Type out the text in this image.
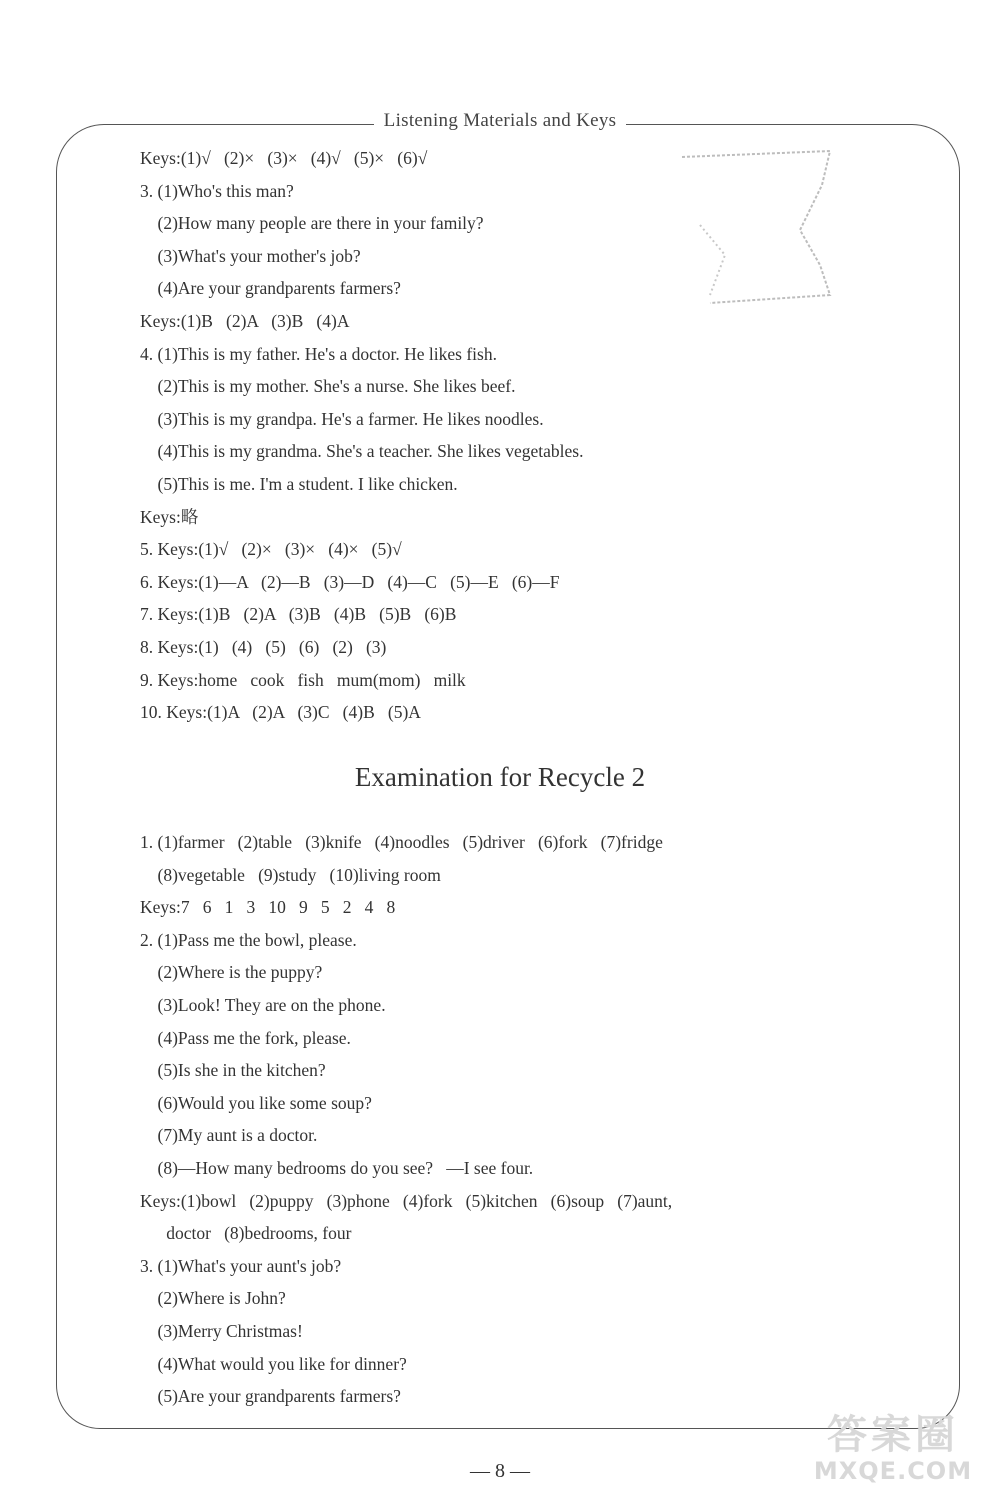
Listening Materials and Keys
Keys:(1)√   (2)×   (3)×   (4)√   (5)×   (6)√
3. (1)Who's this man?
(2)How many people are there in your family?
(3)What's your mother's job?
(4)Are your grandparents farmers?
Keys:(1)B   (2)A   (3)B   (4)A
4. (1)This is my father. He's a doctor. He likes fish.
(2)This is my mother. She's a nurse. She likes beef.
(3)This is my grandpa. He's a farmer. He likes noodles.
(4)This is my grandma. She's a teacher. She likes vegetables.
(5)This is me. I'm a student. I like chicken.
Keys:略
5. Keys:(1)√   (2)×   (3)×   (4)×   (5)√
6. Keys:(1)—A   (2)—B   (3)—D   (4)—C   (5)—E   (6)—F
7. Keys:(1)B   (2)A   (3)B   (4)B   (5)B   (6)B
8. Keys:(1)   (4)   (5)   (6)   (2)   (3)
9. Keys:home   cook   fish   mum(mom)   milk
10. Keys:(1)A   (2)A   (3)C   (4)B   (5)A
Examination for Recycle 2
1. (1)farmer   (2)table   (3)knife   (4)noodles   (5)driver   (6)fork   (7)fridge
(8)vegetable   (9)study   (10)living room
Keys:7   6   1   3   10   9   5   2   4   8
2. (1)Pass me the bowl, please.
(2)Where is the puppy?
(3)Look! They are on the phone.
(4)Pass me the fork, please.
(5)Is she in the kitchen?
(6)Would you like some soup?
(7)My aunt is a doctor.
(8)—How many bedrooms do you see?   —I see four.
Keys:(1)bowl   (2)puppy   (3)phone   (4)fork   (5)kitchen   (6)soup   (7)aunt,
doctor   (8)bedrooms, four
3. (1)What's your aunt's job?
(2)Where is John?
(3)Merry Christmas!
(4)What would you like for dinner?
(5)Are your grandparents farmers?
— 8 —
答案圈
MXQE.COM
